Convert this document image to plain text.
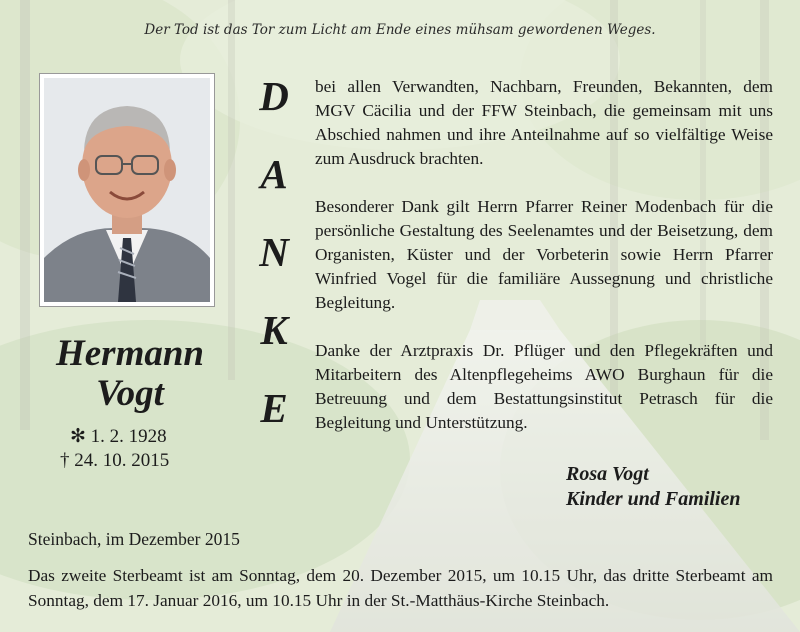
Der Tod ist das Tor zum Licht am Ende eines mühsam gewordenen Weges.
Hermann
Vogt
✻ 1. 2. 1928
† 24. 10. 2015
D
A
N
K
E
bei allen Verwandten, Nachbarn, Freunden, Bekannten, dem MGV Cäcilia und der FFW Steinbach, die gemeinsam mit uns Abschied nahmen und ihre Anteilnahme auf so vielfältige Weise zum Ausdruck brachten.
Besonderer Dank gilt Herrn Pfarrer Reiner Modenbach für die persönliche Gestaltung des Seelenamtes und der Beisetzung, dem Organisten, Küster und der Vorbeterin sowie Herrn Pfarrer Winfried Vogel für die familiäre Aussegnung und christliche Begleitung.
Danke der Arztpraxis Dr. Pflüger und den Pflegekräften und Mitarbeitern des Altenpflegeheims AWO Burghaun für die Betreuung und dem Bestattungsinstitut Petrasch für die Begleitung und Unterstützung.
Rosa Vogt
Kinder und Familien
Steinbach, im Dezember 2015
Das zweite Sterbeamt ist am Sonntag, dem 20. Dezember 2015, um 10.15 Uhr, das dritte Sterbeamt am Sonntag, dem 17. Januar 2016, um 10.15 Uhr in der St.-Matthäus-Kirche Steinbach.
